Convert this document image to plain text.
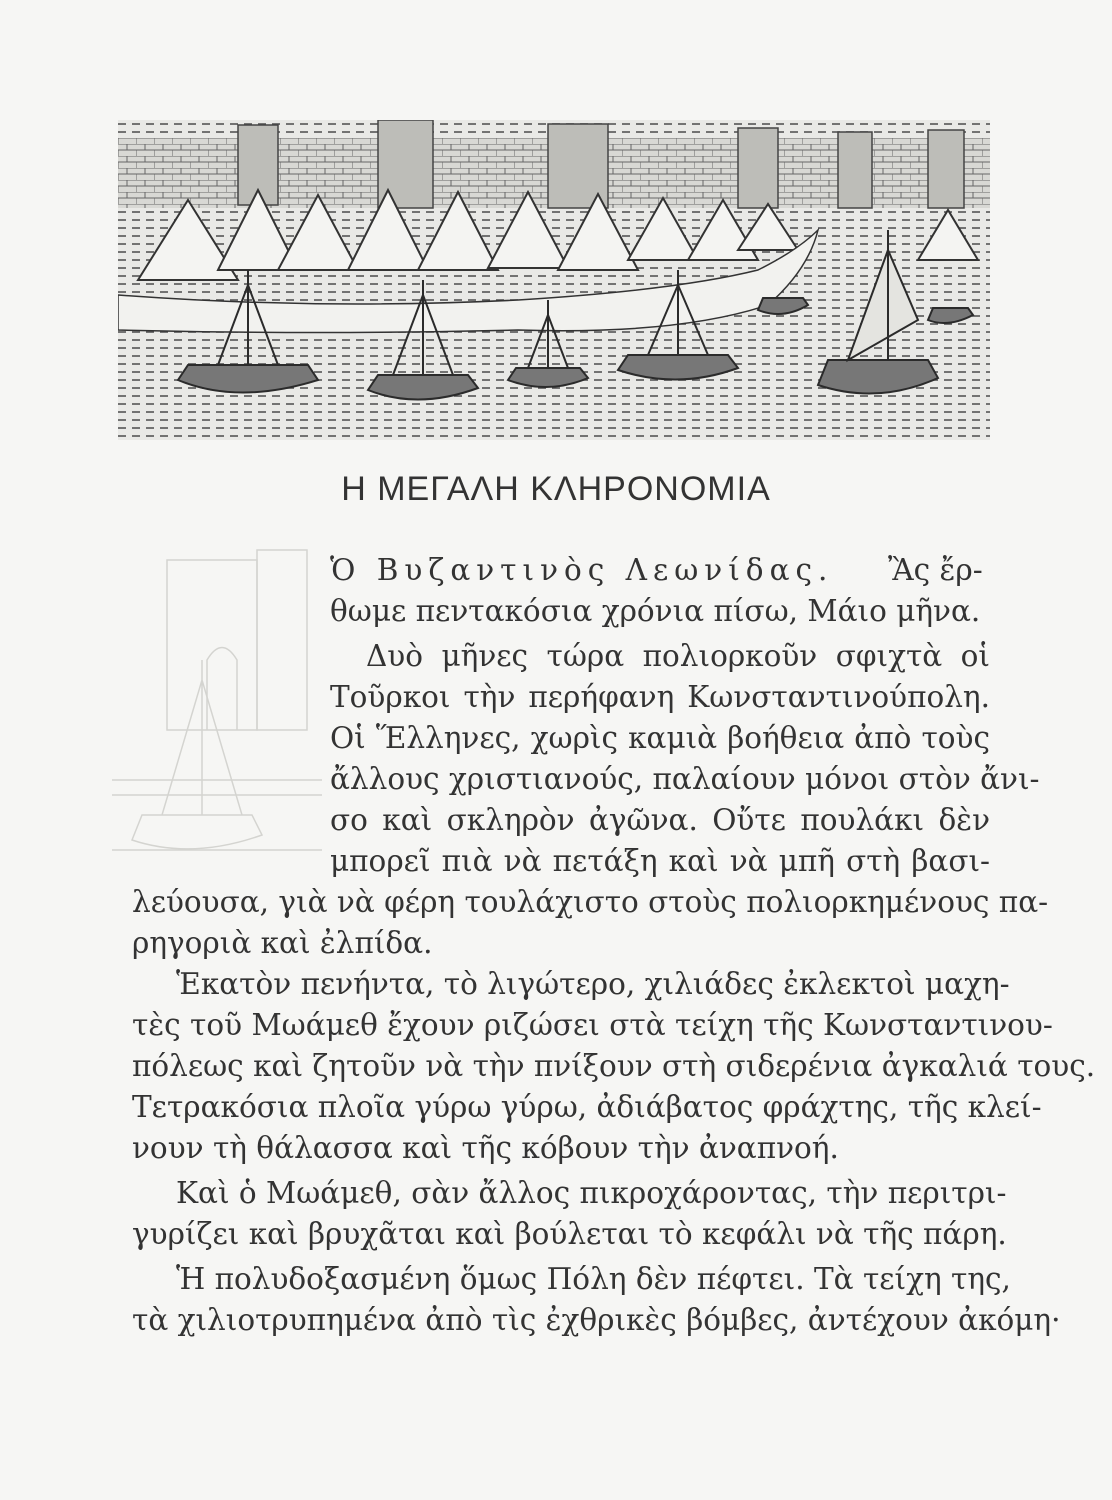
Η ΜΕΓΑΛΗ ΚΛΗΡΟΝΟΜΙΑ
Ὁ Βυζαντινὸς Λεωνίδας.	Ἂς ἔρ-
θωμε πεντακόσια χρόνια πίσω, Μάιο μῆνα.
Δυὸ μῆνες τώρα πολιορκοῦν σφιχτὰ οἱ
Τοῦρκοι τὴν περήφανη Κωνσταντινούπολη.
Οἱ Ἕλληνες, χωρὶς καμιὰ βοήθεια ἀπὸ τοὺς
ἄλλους χριστιανούς, παλαίουν μόνοι στὸν ἄνι-
σο καὶ σκληρὸν ἀγῶνα. Οὔτε πουλάκι δὲν
μπορεῖ πιὰ νὰ πετάξη καὶ νὰ μπῆ στὴ βασι-
λεύουσα, γιὰ νὰ φέρη τουλάχιστο στοὺς πολιορκημένους πα-
ρηγοριὰ καὶ ἐλπίδα.
Ἑκατὸν πενήντα, τὸ λιγώτερο, χιλιάδες ἐκλεκτοὶ μαχη-
τὲς τοῦ Μωάμεθ ἔχουν ριζώσει στὰ τείχη τῆς Κωνσταντινου-
πόλεως καὶ ζητοῦν νὰ τὴν πνίξουν στὴ σιδερένια ἀγκαλιά τους.
Τετρακόσια πλοῖα γύρω γύρω, ἀδιάβατος φράχτης, τῆς κλεί-
νουν τὴ θάλασσα καὶ τῆς κόβουν τὴν ἀναπνοή.
Καὶ ὁ Μωάμεθ, σὰν ἄλλος πικροχάροντας, τὴν περιτρι-
γυρίζει καὶ βρυχᾶται καὶ βούλεται τὸ κεφάλι νὰ τῆς πάρη.
Ἡ πολυδοξασμένη ὅμως Πόλη δὲν πέφτει. Τὰ τείχη της,
τὰ χιλιοτρυπημένα ἀπὸ τὶς ἐχθρικὲς βόμβες, ἀντέχουν ἀκόμη·
